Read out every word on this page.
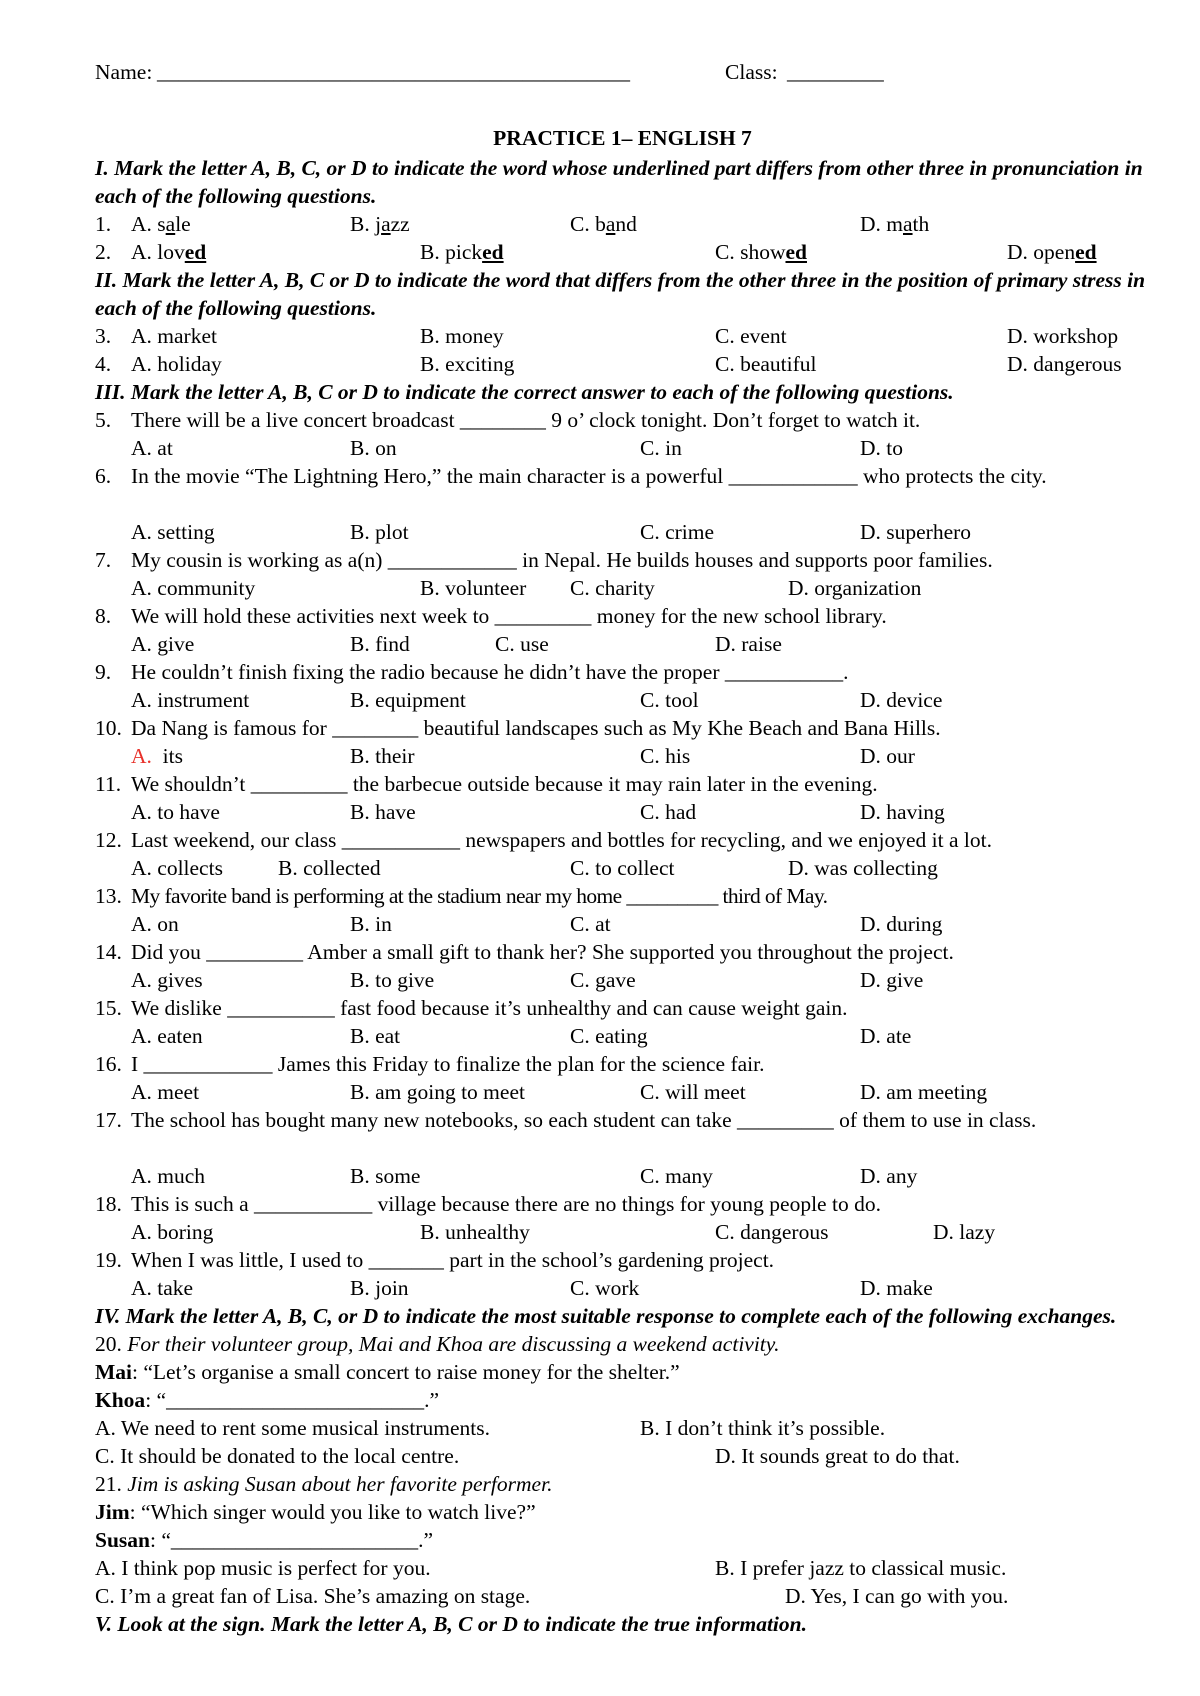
Name: ____________________________________________	Class: _________
PRACTICE 1– ENGLISH 7
I. Mark the letter A, B, C, or D to indicate the word whose underlined part differs from other three in pronunciation in each of the following questions.
1. A. sale	B. jazz	C. band	D. math
2. A. loved	B. picked	C. showed	D. opened
II. Mark the letter A, B, C or D to indicate the word that differs from the other three in the position of primary stress in each of the following questions.
3. A. market	B. money	C. event	D. workshop
4. A. holiday	B. exciting	C. beautiful	D. dangerous
III. Mark the letter A, B, C or D to indicate the correct answer to each of the following questions.
5. There will be a live concert broadcast ________ 9 o’ clock tonight. Don’t forget to watch it.
A. at	B. on	C. in	D. to
6. In the movie “The Lightning Hero,” the main character is a powerful ____________ who protects the city.
A. setting	B. plot	C. crime	D. superhero
7. My cousin is working as a(n) ____________ in Nepal. He builds houses and supports poor families.
A. community	B. volunteer C. charity	D. organization
8. We will hold these activities next week to _________ money for the new school library.
A. give	B. find	C. use	D. raise
9. He couldn’t finish fixing the radio because he didn’t have the proper ___________.
A. instrument	B. equipment	C. tool	D. device
10. Da Nang is famous for ________ beautiful landscapes such as My Khe Beach and Bana Hills.
A. its	B. their	C. his	D. our
11. We shouldn’t _________ the barbecue outside because it may rain later in the evening.
A. to have	B. have	C. had	D. having
12. Last weekend, our class ___________ newspapers and bottles for recycling, and we enjoyed it a lot.
A. collects	B. collected	C. to collect	D. was collecting
13. My favorite band is performing at the stadium near my home _________ third of May.
A. on	B. in	C. at	D. during
14. Did you _________ Amber a small gift to thank her? She supported you throughout the project.
A. gives	B. to give	C. gave	D. give
15. We dislike __________ fast food because it’s unhealthy and can cause weight gain.
A. eaten	B. eat	C. eating	D. ate
16. I ____________ James this Friday to finalize the plan for the science fair.
A. meet	B. am going to meet	C. will meet	D. am meeting
17. The school has bought many new notebooks, so each student can take _________ of them to use in class.
A. much	B. some	C. many	D. any
18. This is such a ___________ village because there are no things for young people to do.
A. boring	B. unhealthy	C. dangerous	D. lazy
19. When I was little, I used to _______ part in the school’s gardening project.
A. take	B. join	C. work	D. make
IV. Mark the letter A, B, C, or D to indicate the most suitable response to complete each of the following exchanges.
20. For their volunteer group, Mai and Khoa are discussing a weekend activity.
Mai: “Let’s organise a small concert to raise money for the shelter.”
Khoa: “________________________.”
A. We need to rent some musical instruments.	B. I don’t think it’s possible.
C. It should be donated to the local centre.	D. It sounds great to do that.
21. Jim is asking Susan about her favorite performer.
Jim: “Which singer would you like to watch live?”
Susan: “_______________________.”
A. I think pop music is perfect for you.	B. I prefer jazz to classical music.
C. I’m a great fan of Lisa. She’s amazing on stage.	D. Yes, I can go with you.
V. Look at the sign. Mark the letter A, B, C or D to indicate the true information.
